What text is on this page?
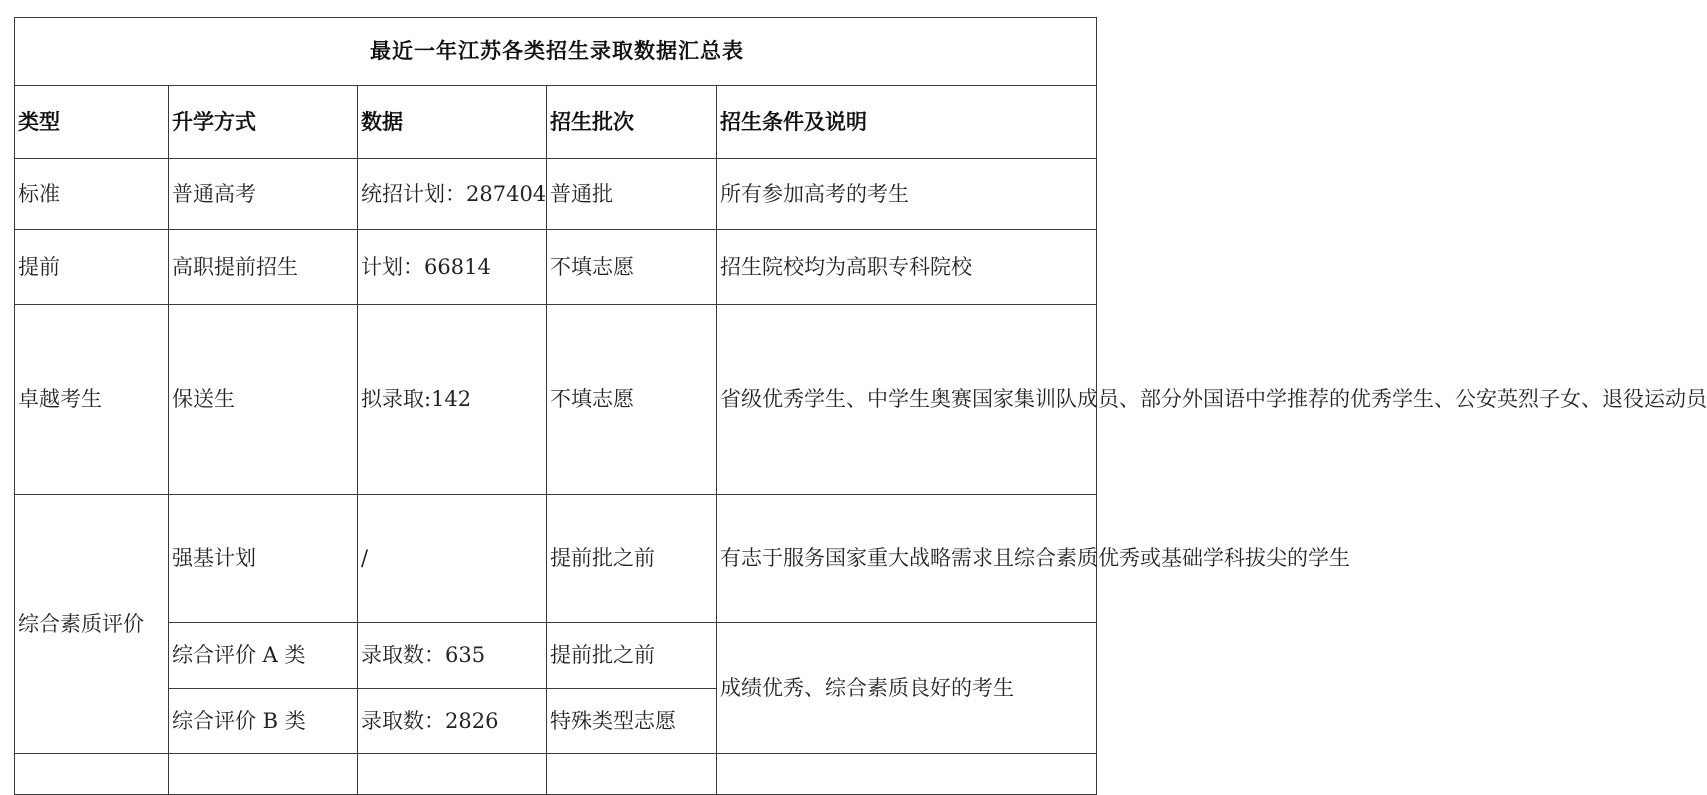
最近一年江苏各类招生录取数据汇总表				
类型	升学方式	数据	招生批次	招生条件及说明
标准	普通高考	统招计划：287404	普通批	所有参加高考的考生
提前	高职提前招生	计划：66814	不填志愿	招生院校均为高职专科院校
卓越考生	保送生	拟录取:142	不填志愿	省级优秀学生、中学生奥赛国家集训队成员、部分外国语中学推荐的优秀学生、公安英烈子女、退役运动员
综合素质评价	强基计划	/	提前批之前	有志于服务国家重大战略需求且综合素质优秀或基础学科拔尖的学生
	综合评价 A 类	录取数：635	提前批之前	成绩优秀、综合素质良好的考生
	综合评价 B 类	录取数：2826	特殊类型志愿	
